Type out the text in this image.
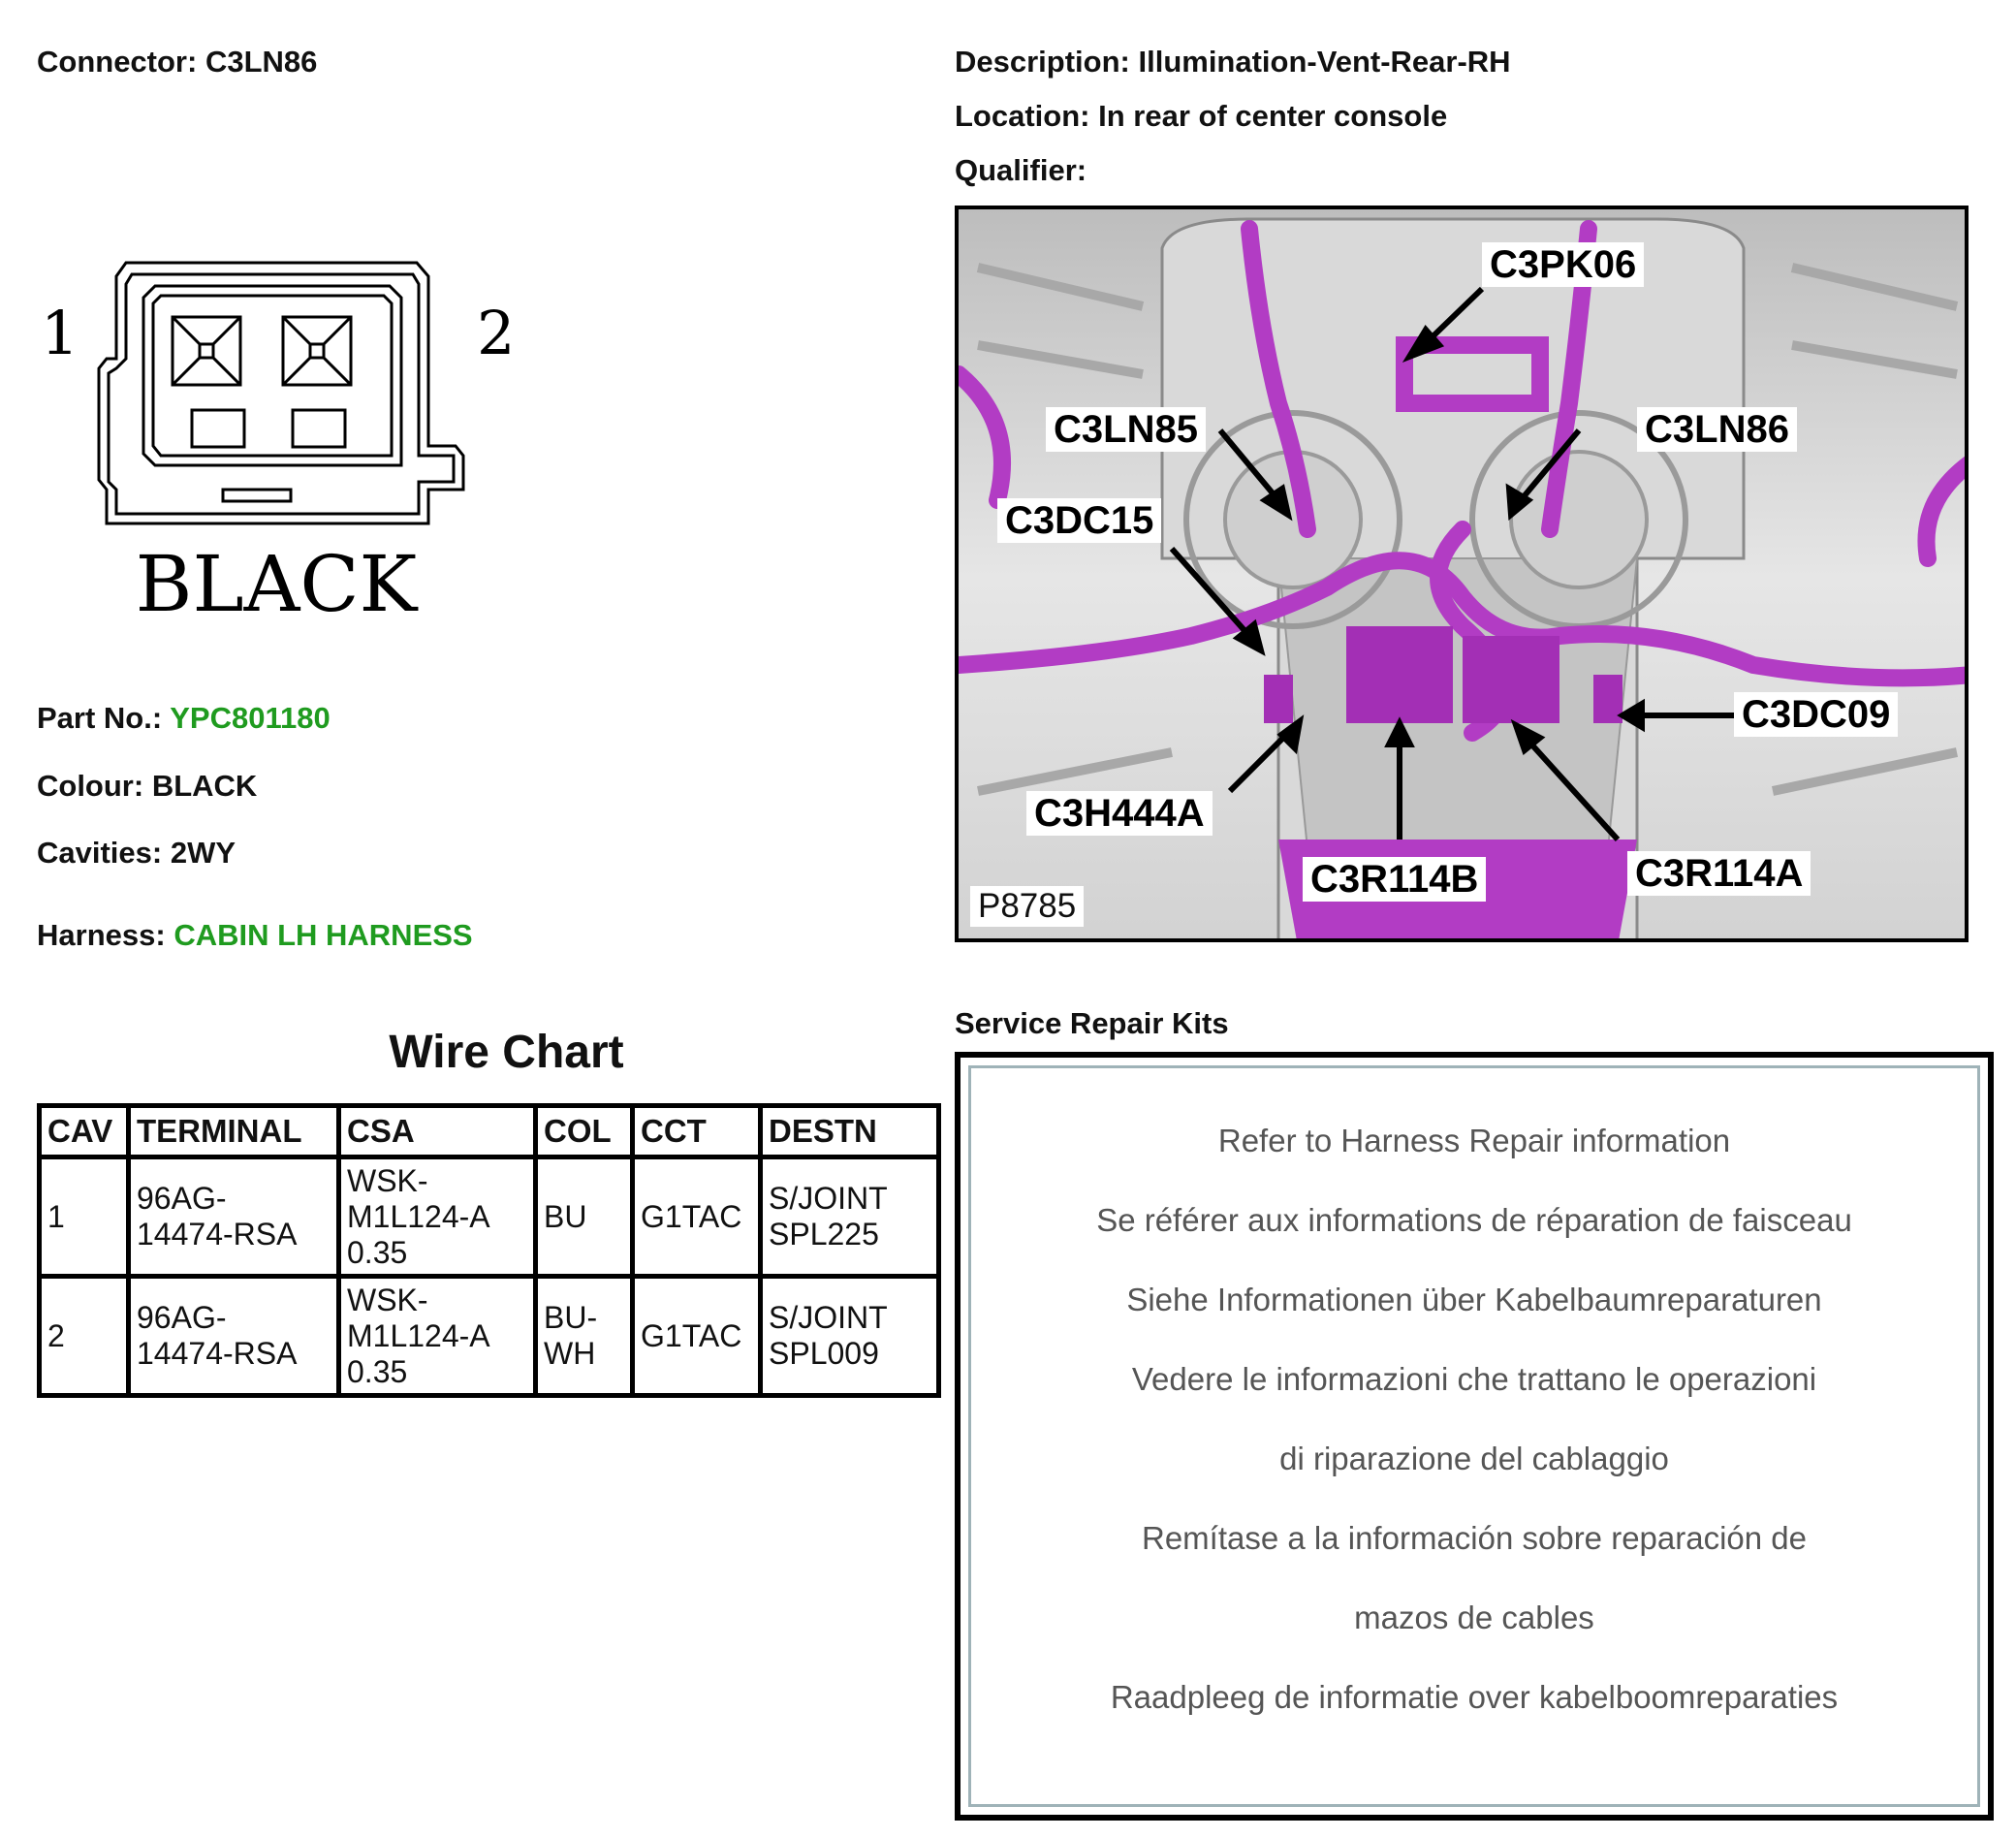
Connector: C3LN86	Description: Illumination-Vent-Rear-RH
Location: In rear of center console
Qualifier:
1	2
BLACK
Part No.: YPC801180
Colour: BLACK
Cavities: 2WY
Harness: CABIN LH HARNESS
Wire Chart
CAV	TERMINAL	CSA	COL	CCT	DESTN
1	96AG-
14474-RSA	WSK-
M1L124-A
0.35	BU	G1TAC	S/JOINT
SPL225
2	96AG-
14474-RSA	WSK-
M1L124-A
0.35	BU-
WH	G1TAC	S/JOINT
SPL009
C3PK06
C3LN85	C3LN86
C3DC15
C3DC09
C3H444A
C3R114B	C3R114A
P8785
Service Repair Kits
Refer to Harness Repair information
Se référer aux informations de réparation de faisceau
Siehe Informationen über Kabelbaumreparaturen
Vedere le informazioni che trattano le operazioni
di riparazione del cablaggio
Remítase a la información sobre reparación de
mazos de cables
Raadpleeg de informatie over kabelboomreparaties
